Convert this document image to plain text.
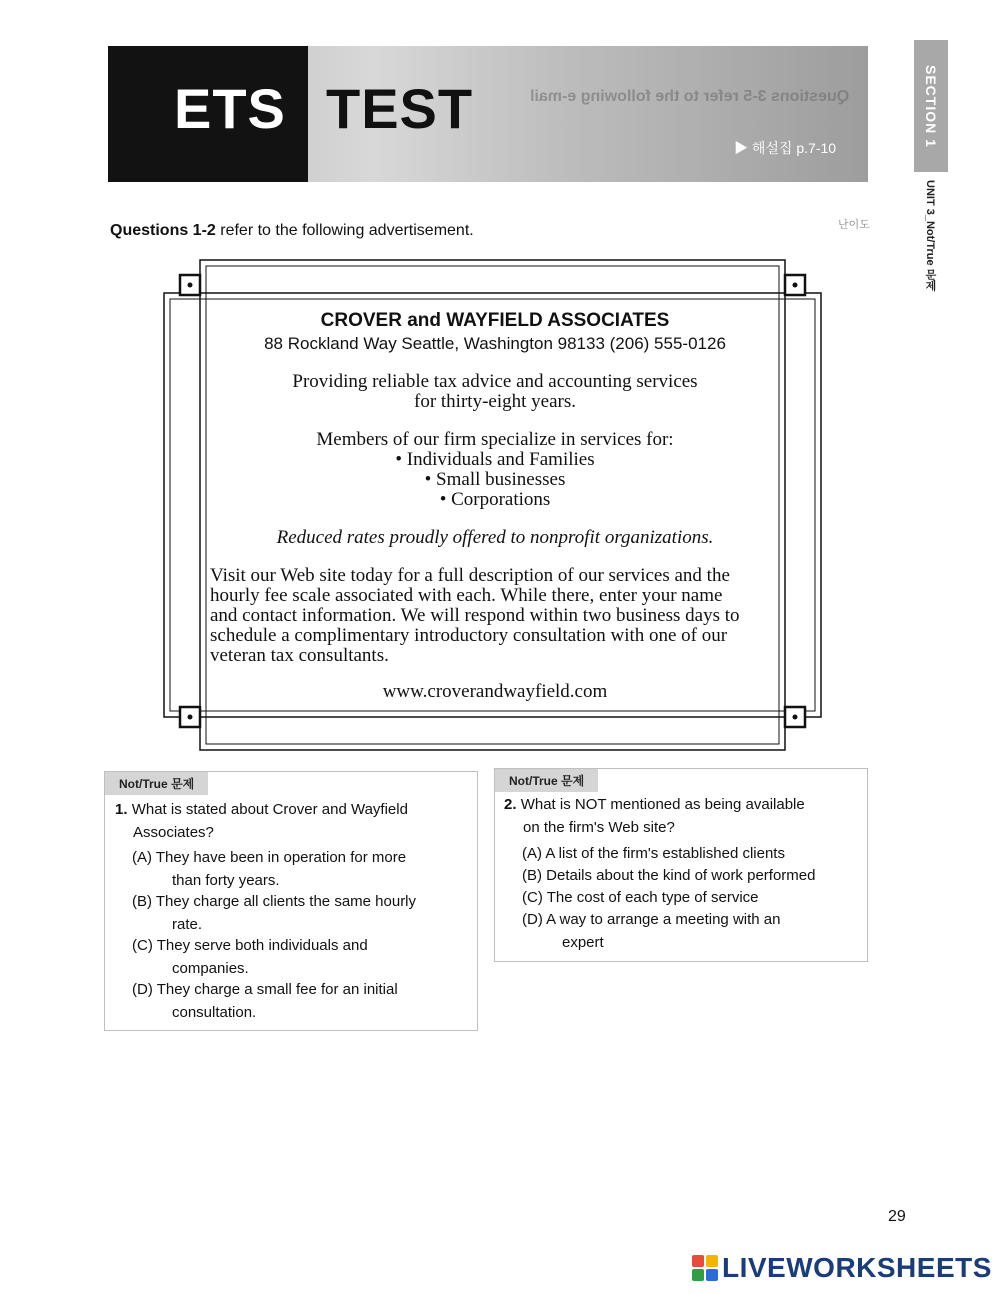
ETS TEST	Questions 3-5 refer to the following e-mail
▶ 해설집 p.7-10
SECTION 1
UNIT 3_Not/True 문제
난이도
Questions 1-2 refer to the following advertisement.

CROVER and WAYFIELD ASSOCIATES

88 Rockland Way Seattle, Washington 98133 (206) 555-0126

Providing reliable tax advice and accounting services
for thirty-eight years.
Members of our firm specialize in services for:
• Individuals and Families
• Small businesses
• Corporations
Reduced rates proudly offered to nonprofit organizations.
Visit our Web site today for a full description of our services and the
hourly fee scale associated with each. While there, enter your name
and contact information. We will respond within two business days to
schedule a complimentary introductory consultation with one of our
veteran tax consultants.
www.croverandwayfield.com
Not/True 문제
1. What is stated about Crover and Wayfield
Associates?
(A) They have been in operation for more
than forty years.
(B) They charge all clients the same hourly
rate.
(C) They serve both individuals and
companies.
(D) They charge a small fee for an initial
consultation.
Not/True 문제
2. What is NOT mentioned as being available
on the firm's Web site?
(A) A list of the firm's established clients
(B) Details about the kind of work performed
(C) The cost of each type of service
(D) A way to arrange a meeting with an
expert
29
LIVEWORKSHEETS
